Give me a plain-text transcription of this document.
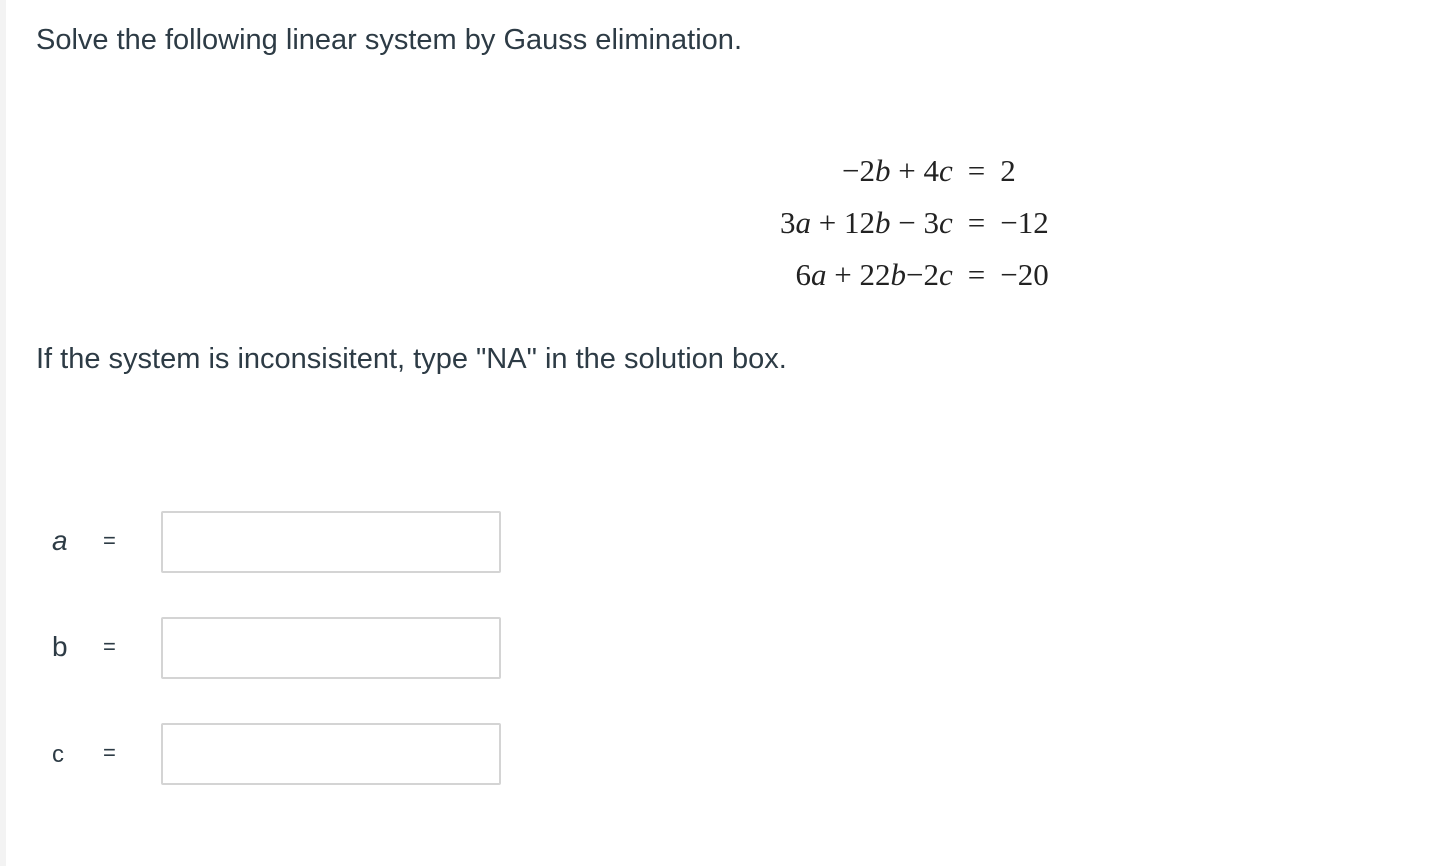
Solve the following linear system by Gauss elimination.
−2b + 4c	=	2
3a + 12b − 3c	=	−12
6a + 22b−2c	=	−20
If the system is inconsisitent, type "NA" in the solution box.
a =
b =
c =
